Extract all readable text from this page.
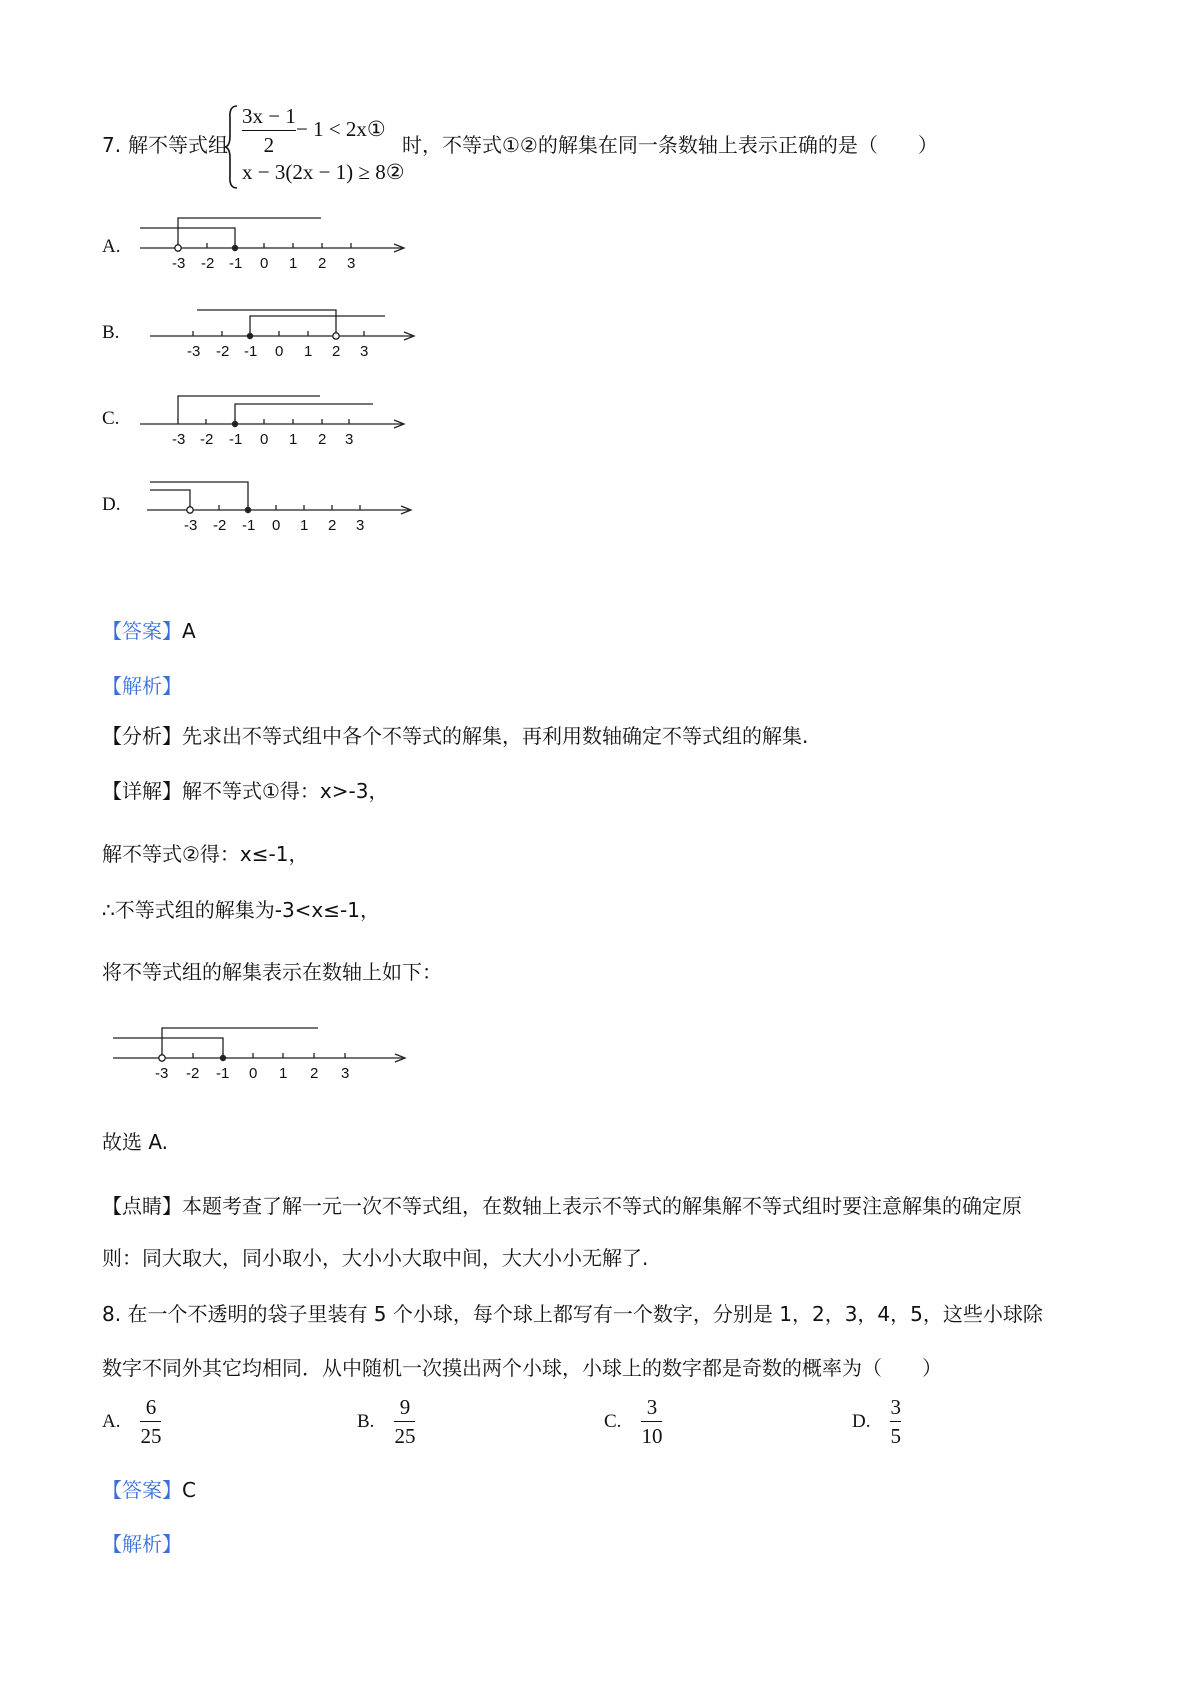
7. 解不等式组 $\frac{3x - 1}{2} - 1$ < 2x①
x − 3(2x − 1) ≥ 8②
时，不等式①②的解集在同一条数轴上表示正确的是（　　）
A.
-3 -2 -1 0 1 2 3
B.
-3 -2 -1 0 1 2 3
C.
-3 -2 -1 0 1 2 3
D.
-3 -2 -1 0 1 2 3
【答案】A
【解析】
【分析】先求出不等式组中各个不等式的解集，再利用数轴确定不等式组的解集.
【详解】解不等式①得：x>-3，
解不等式②得：x≤-1，
∴不等式组的解集为-3<x≤-1，
将不等式组的解集表示在数轴上如下：
-3 -2 -1 0 1 2 3
故选 A.
【点睛】本题考查了解一元一次不等式组，在数轴上表示不等式的解集解不等式组时要注意解集的确定原
则：同大取大，同小取小，大小小大取中间，大大小小无解了.
8. 在一个不透明的袋子里装有 5 个小球，每个球上都写有一个数字，分别是 1，2，3，4，5，这些小球除
数字不同外其它均相同．从中随机一次摸出两个小球，小球上的数字都是奇数的概率为（　　）
A. $\frac{6}{25}$	B. $\frac{9}{25}$	C. $\frac{3}{10}$	D. $\frac{3}{5}$
【答案】C
【解析】
